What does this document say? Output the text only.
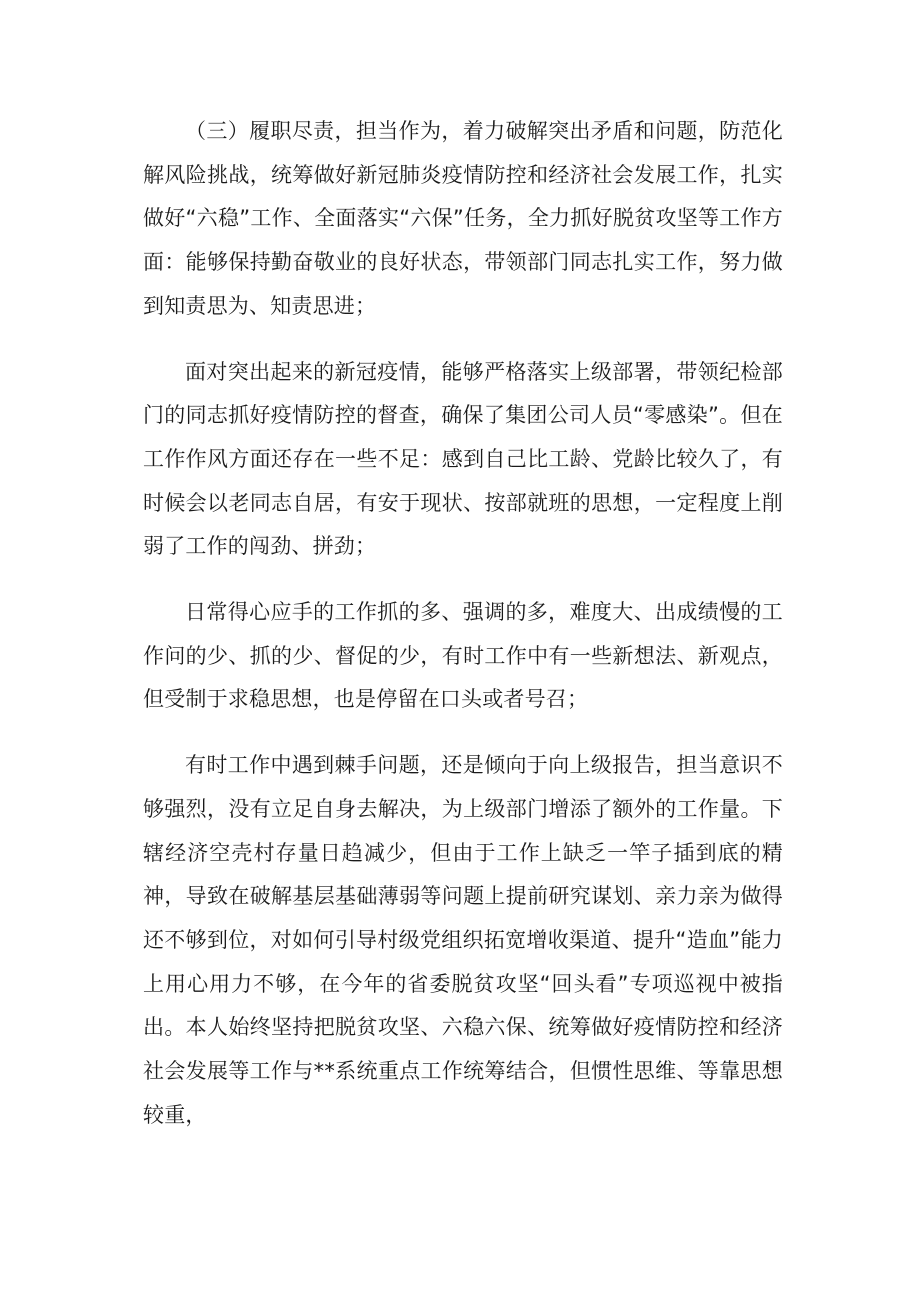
（三）履职尽责，担当作为，着力破解突出矛盾和问题，防范化解风险挑战，统筹做好新冠肺炎疫情防控和经济社会发展工作，扎实做好“六稳”工作、全面落实“六保”任务，全力抓好脱贫攻坚等工作方面：能够保持勤奋敬业的良好状态，带领部门同志扎实工作，努力做到知责思为、知责思进；

面对突出起来的新冠疫情，能够严格落实上级部署，带领纪检部门的同志抓好疫情防控的督查，确保了集团公司人员“零感染”。但在工作作风方面还存在一些不足：感到自己比工龄、党龄比较久了，有时候会以老同志自居，有安于现状、按部就班的思想，一定程度上削弱了工作的闯劲、拼劲；

日常得心应手的工作抓的多、强调的多，难度大、出成绩慢的工作问的少、抓的少、督促的少，有时工作中有一些新想法、新观点，但受制于求稳思想，也是停留在口头或者号召；

有时工作中遇到棘手问题，还是倾向于向上级报告，担当意识不够强烈，没有立足自身去解决，为上级部门增添了额外的工作量。下辖经济空壳村存量日趋减少，但由于工作上缺乏一竿子插到底的精神，导致在破解基层基础薄弱等问题上提前研究谋划、亲力亲为做得还不够到位，对如何引导村级党组织拓宽增收渠道、提升“造血”能力上用心用力不够，在今年的省委脱贫攻坚“回头看”专项巡视中被指出。本人始终坚持把脱贫攻坚、六稳六保、统筹做好疫情防控和经济社会发展等工作与**系统重点工作统筹结合，但惯性思维、等靠思想较重，
